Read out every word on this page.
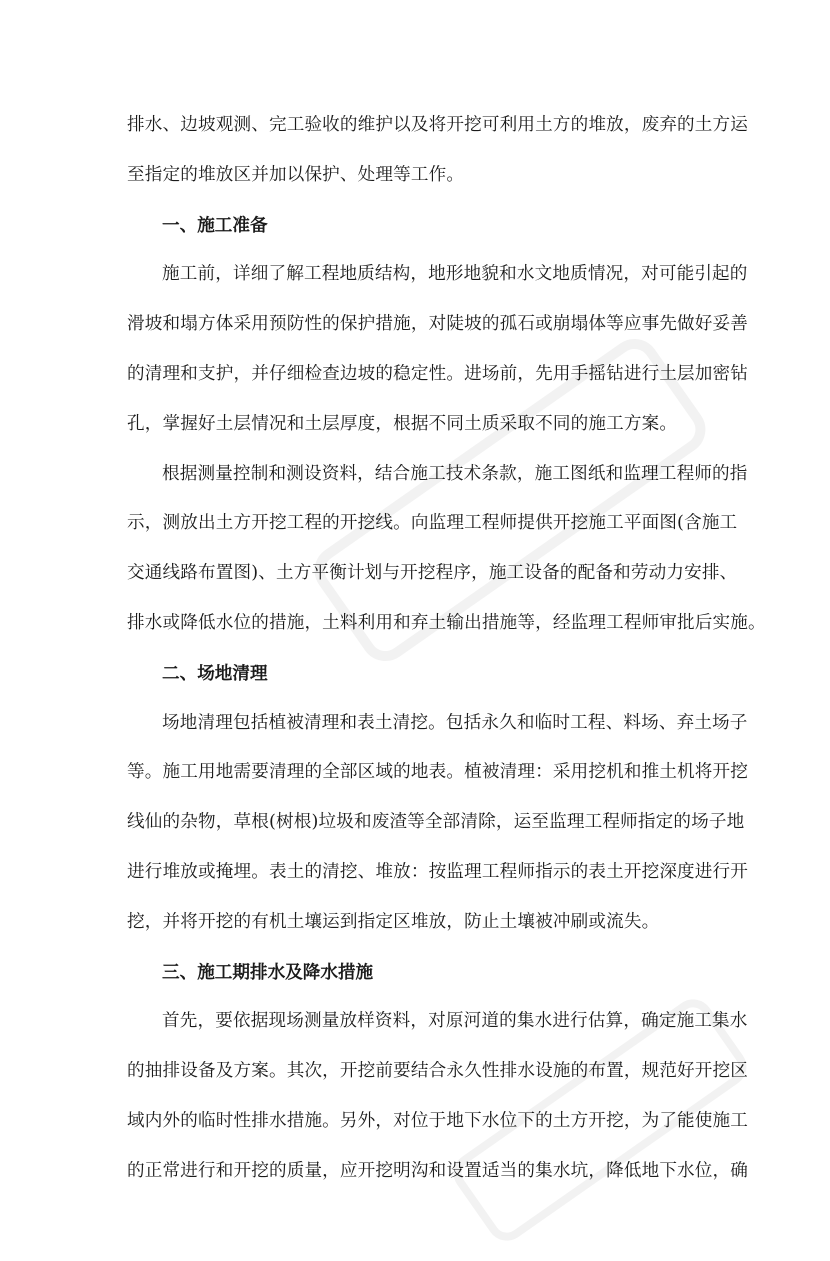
排水、边坡观测、完工验收的维护以及将开挖可利用土方的堆放，废弃的土方运
至指定的堆放区并加以保护、处理等工作。
一、施工准备
施工前，详细了解工程地质结构，地形地貌和水文地质情况，对可能引起的
滑坡和塌方体采用预防性的保护措施，对陡坡的孤石或崩塌体等应事先做好妥善
的清理和支护，并仔细检查边坡的稳定性。进场前，先用手摇钻进行土层加密钻
孔，掌握好土层情况和土层厚度，根据不同土质采取不同的施工方案。
根据测量控制和测设资料，结合施工技术条款，施工图纸和监理工程师的指
示，测放出土方开挖工程的开挖线。向监理工程师提供开挖施工平面图(含施工
交通线路布置图)、土方平衡计划与开挖程序，施工设备的配备和劳动力安排、
排水或降低水位的措施，土料利用和弃土输出措施等，经监理工程师审批后实施。
二、场地清理
场地清理包括植被清理和表土清挖。包括永久和临时工程、料场、弃土场子
等。施工用地需要清理的全部区域的地表。植被清理：采用挖机和推土机将开挖
线仙的杂物，草根(树根)垃圾和废渣等全部清除，运至监理工程师指定的场子地
进行堆放或掩埋。表土的清挖、堆放：按监理工程师指示的表土开挖深度进行开
挖，并将开挖的有机土壤运到指定区堆放，防止土壤被冲刷或流失。
三、施工期排水及降水措施
首先，要依据现场测量放样资料，对原河道的集水进行估算，确定施工集水
的抽排设备及方案。其次，开挖前要结合永久性排水设施的布置，规范好开挖区
域内外的临时性排水措施。另外，对位于地下水位下的土方开挖，为了能使施工
的正常进行和开挖的质量，应开挖明沟和设置适当的集水坑，降低地下水位，确
